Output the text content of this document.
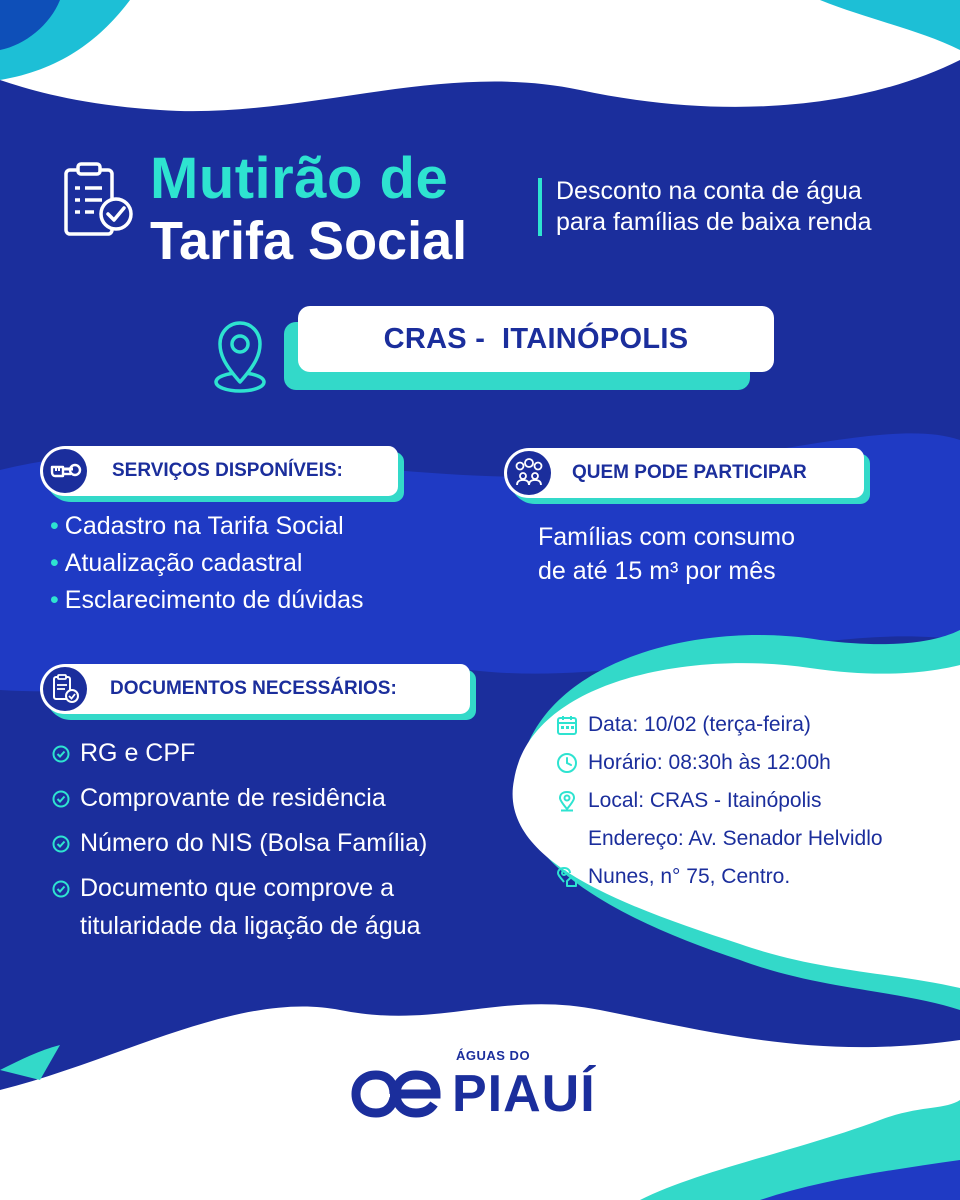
Mutirão de
Tarifa Social
Desconto na conta de água
para famílias de baixa renda
CRAS -  ITAINÓPOLIS
SERVIÇOS DISPONÍVEIS:
• Cadastro na Tarifa Social
• Atualização cadastral
• Esclarecimento de dúvidas
QUEM PODE PARTICIPAR
Famílias com consumo
de até 15 m³ por mês
DOCUMENTOS NECESSÁRIOS:
RG e CPF
Comprovante de residência
Número do NIS (Bolsa Família)
Documento que comprove a
titularidade da ligação de água
Data: 10/02 (terça-feira)
Horário: 08:30h às 12:00h
Local: CRAS - Itainópolis
Endereço: Av. Senador Helvidlo
Nunes, n° 75, Centro.
ÁGUAS DO
PIAUÍ
